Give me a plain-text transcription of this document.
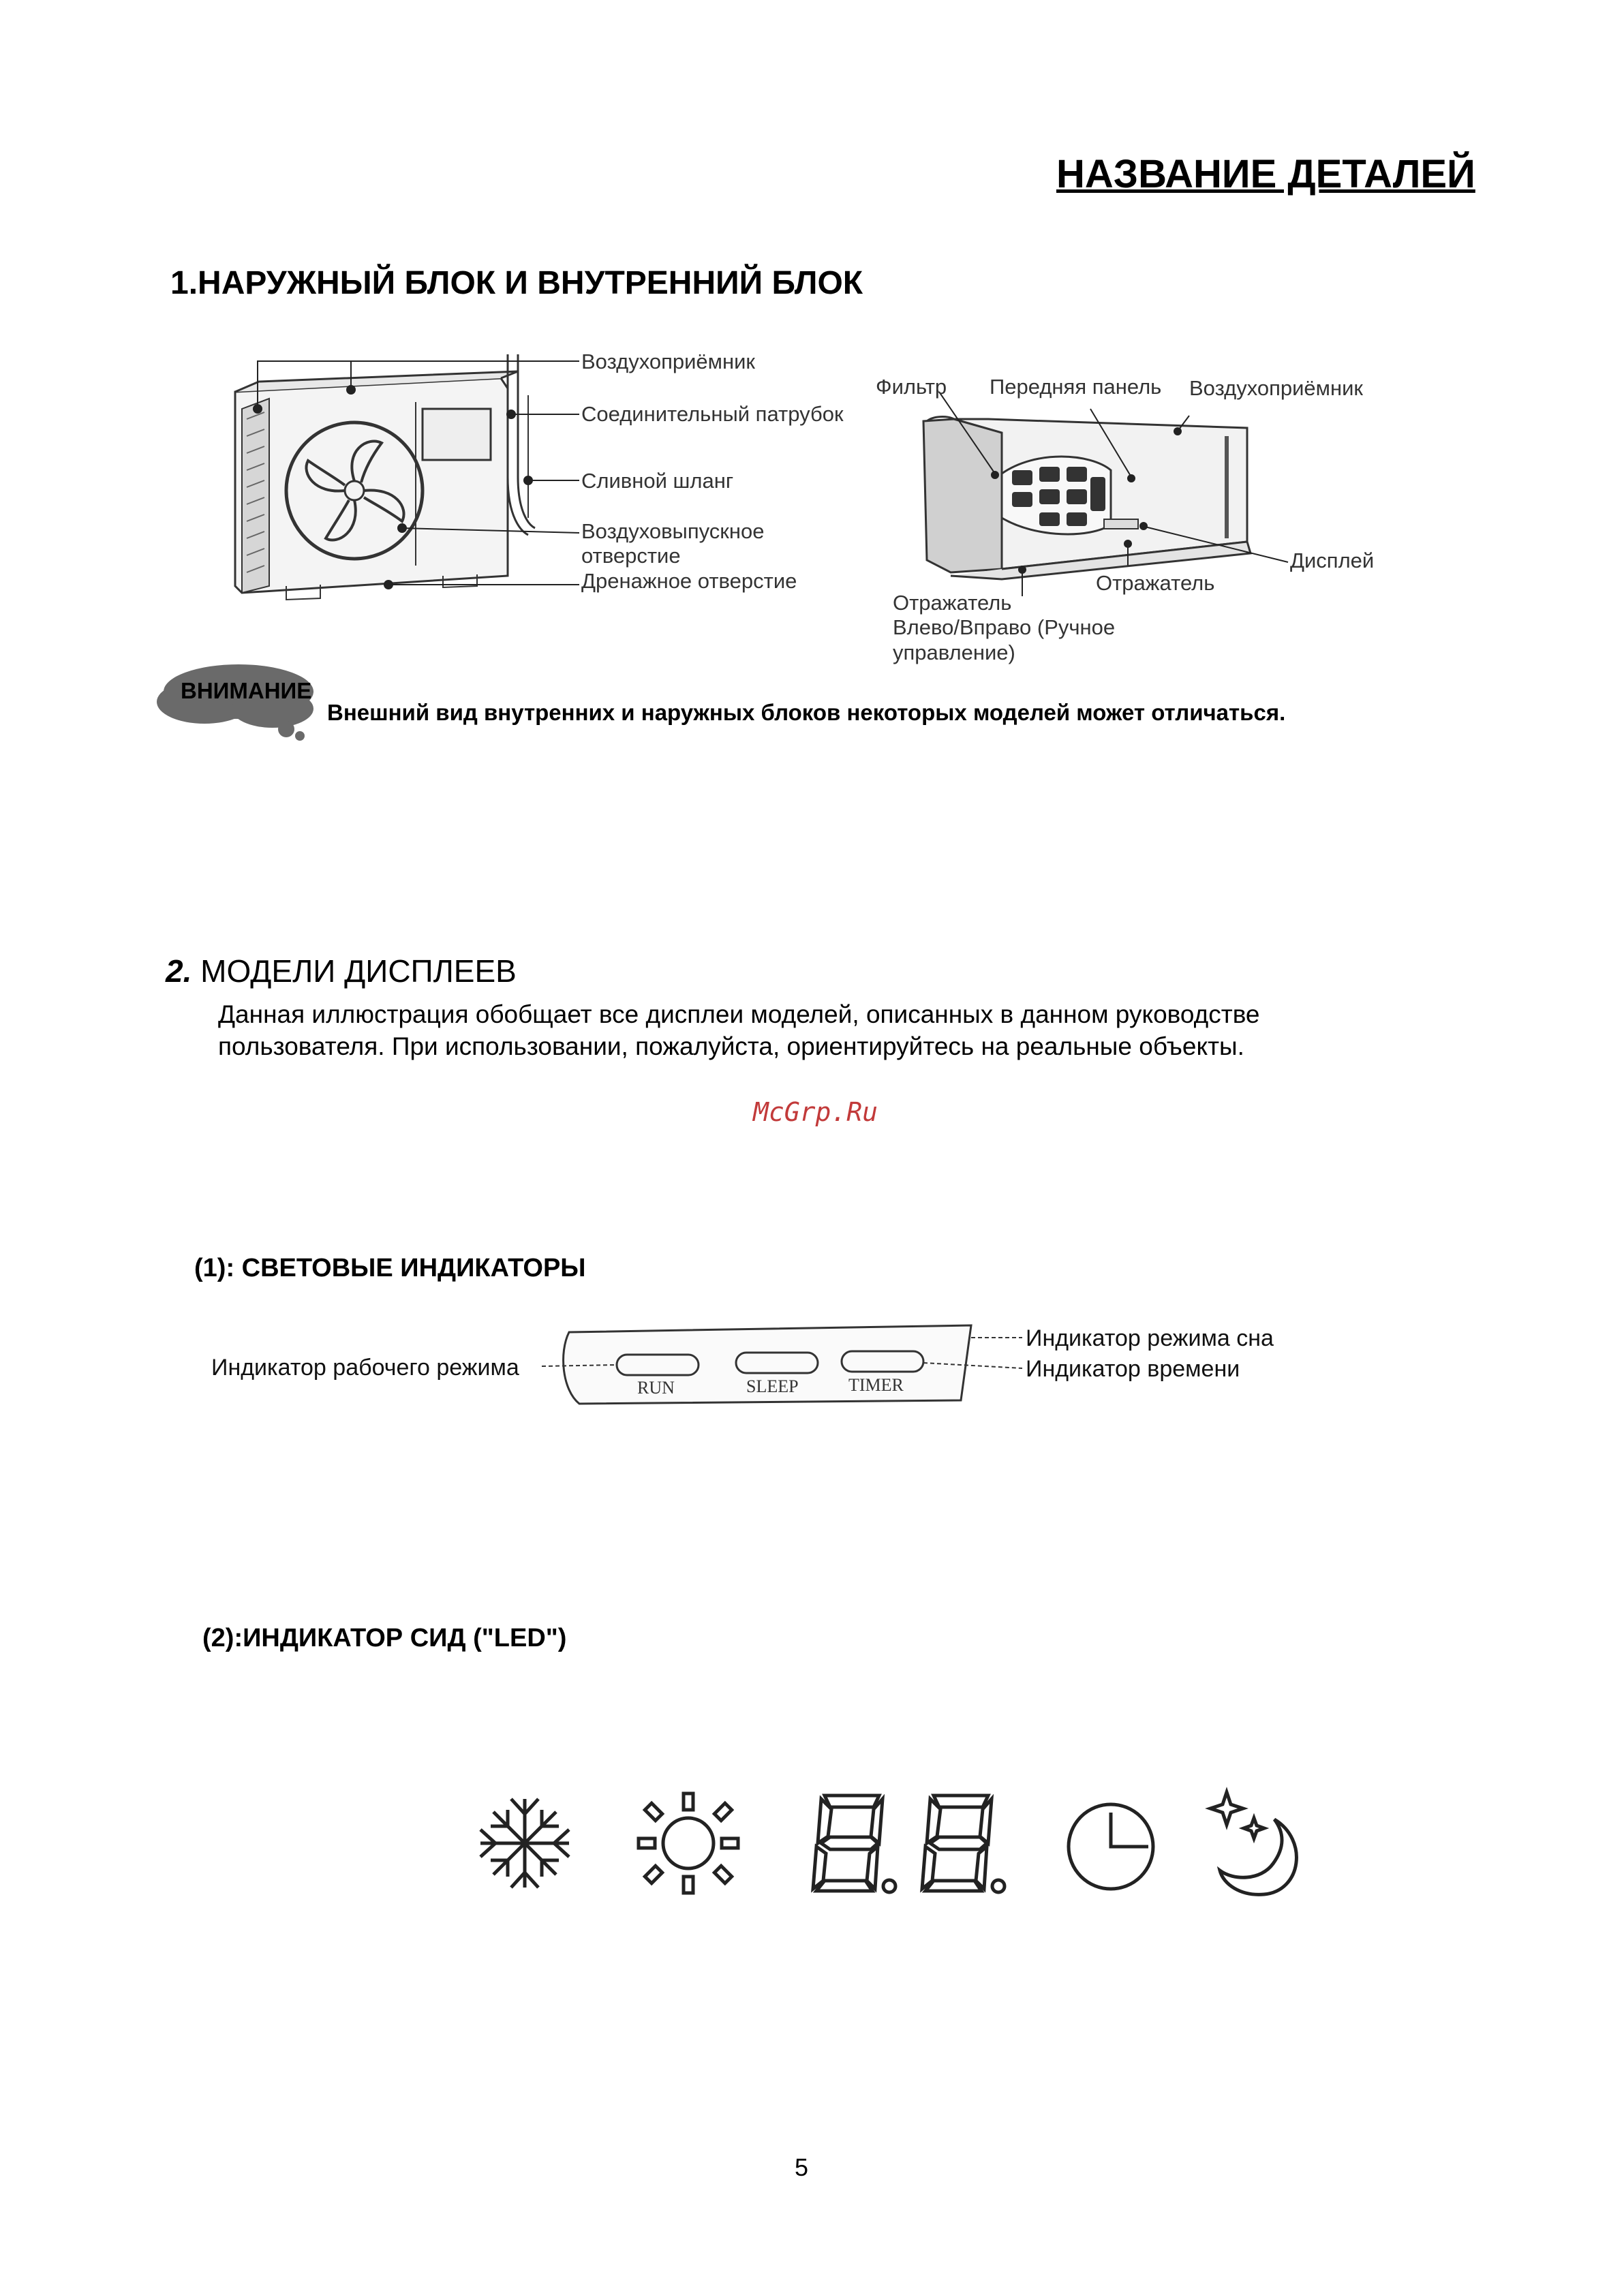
НАЗВАНИЕ ДЕТАЛЕЙ
1.НАРУЖНЫЙ БЛОК И ВНУТРЕННИЙ БЛОК
Воздухоприёмник
Соединительный патрубок
Сливной шланг
Воздуховыпускное
отверстие
Дренажное отверстие
Фильтр Передняя панель Воздухоприёмник
Дисплей
Отражатель
Отражатель
Влево/Вправо (Ручное
управление)
ВНИМАНИЕ
Внешний вид внутренних и наружных блоков некоторых моделей может отличаться.
2. МОДЕЛИ ДИСПЛЕЕВ
Данная иллюстрация обобщает все дисплеи моделей, описанных в данном руководстве пользователя. При использовании, пожалуйста, ориентируйтесь на реальные объекты.
McGrp.Ru
(1): СВЕТОВЫЕ ИНДИКАТОРЫ
Индикатор рабочего режима
Индикатор режима сна
Индикатор времени
RUN	SLEEP	TIMER
(2):ИНДИКАТОР СИД ("LED")
5
